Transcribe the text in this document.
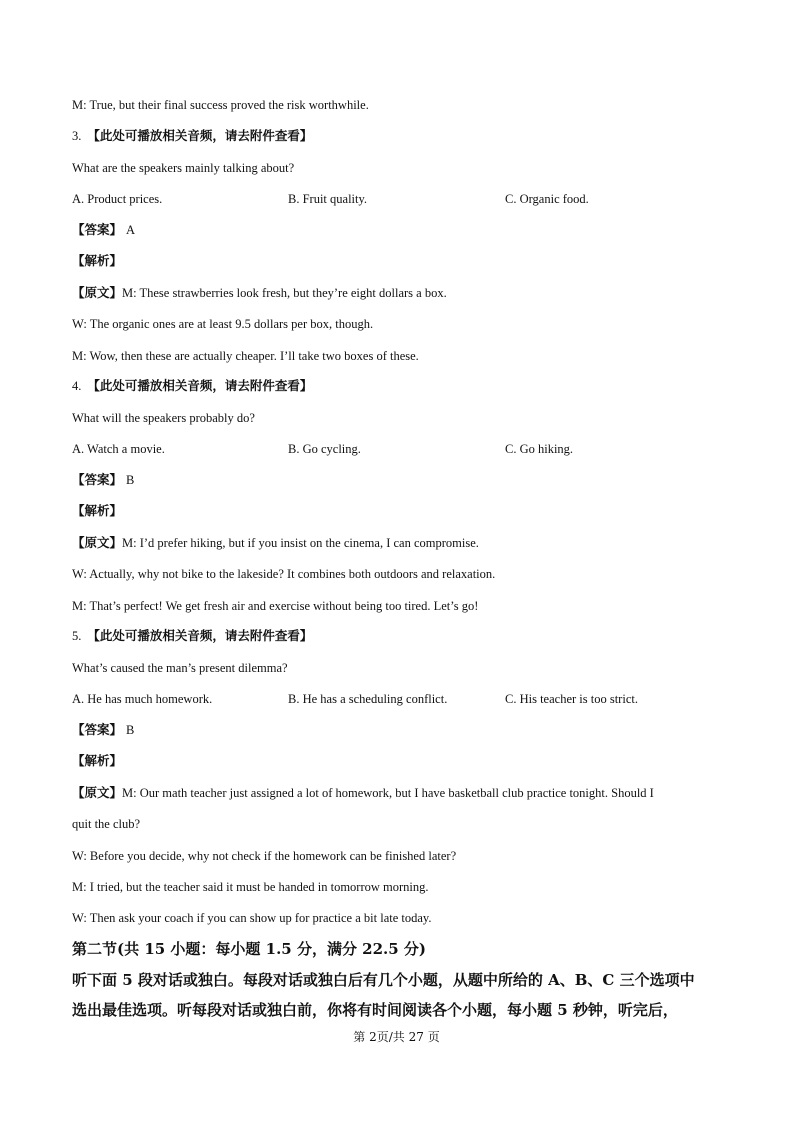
M: True, but their final success proved the risk worthwhile.
3. 【此处可播放相关音频，请去附件查看】
What are the speakers mainly talking about?
A. Product prices.	B. Fruit quality.	C. Organic food.
【答案】 A
【解析】
【原文】M: These strawberries look fresh, but they’re eight dollars a box.
W: The organic ones are at least 9.5 dollars per box, though.
M: Wow, then these are actually cheaper. I’ll take two boxes of these.
4. 【此处可播放相关音频，请去附件查看】
What will the speakers probably do?
A. Watch a movie.	B. Go cycling.	C. Go hiking.
【答案】 B
【解析】
【原文】M: I’d prefer hiking, but if you insist on the cinema, I can compromise.
W: Actually, why not bike to the lakeside? It combines both outdoors and relaxation.
M: That’s perfect! We get fresh air and exercise without being too tired. Let’s go!
5. 【此处可播放相关音频，请去附件查看】
What’s caused the man’s present dilemma?
A. He has much homework.	B. He has a scheduling conflict.	C. His teacher is too strict.
【答案】 B
【解析】
【原文】M: Our math teacher just assigned a lot of homework, but I have basketball club practice tonight. Should I
quit the club?
W: Before you decide, why not check if the homework can be finished later?
M: I tried, but the teacher said it must be handed in tomorrow morning.
W: Then ask your coach if you can show up for practice a bit late today.
第二节(共 15 小题：每小题 1.5 分，满分 22.5 分)
听下面 5 段对话或独白。每段对话或独白后有几个小题，从题中所给的 A、B、C 三个选项中
选出最佳选项。听每段对话或独白前，你将有时间阅读各个小题，每小题 5 秒钟，听完后，
第 2页/共 27 页
